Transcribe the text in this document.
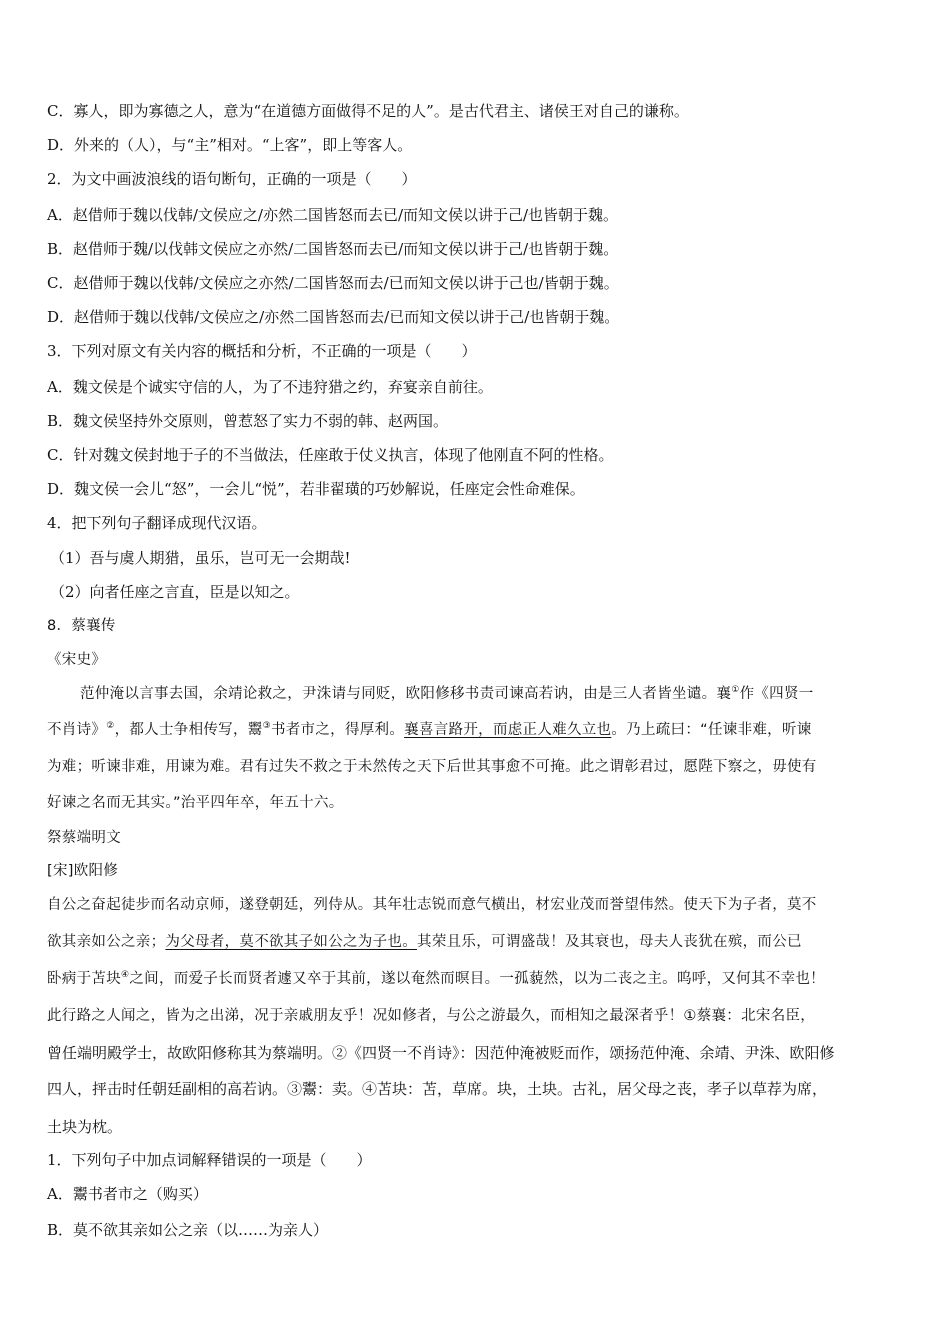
C．寡人，即为寡德之人，意为“在道德方面做得不足的人”。是古代君主、诸侯王对自己的谦称。
D．外来的（人），与“主”相对。“上客”，即上等客人。
2．为文中画波浪线的语句断句，正确的一项是（　　）
A．赵借师于魏以伐韩/文侯应之/亦然二国皆怒而去已/而知文侯以讲于己/也皆朝于魏。
B．赵借师于魏/以伐韩文侯应之亦然/二国皆怒而去已/而知文侯以讲于己/也皆朝于魏。
C．赵借师于魏以伐韩/文侯应之亦然/二国皆怒而去/已而知文侯以讲于己也/皆朝于魏。
D．赵借师于魏以伐韩/文侯应之/亦然二国皆怒而去/已而知文侯以讲于己/也皆朝于魏。
3．下列对原文有关内容的概括和分析，不正确的一项是（　　）
A．魏文侯是个诚实守信的人，为了不违狩猎之约，弃宴亲自前往。
B．魏文侯坚持外交原则，曾惹怒了实力不弱的韩、赵两国。
C．针对魏文侯封地于子的不当做法，任座敢于仗义执言，体现了他刚直不阿的性格。
D．魏文侯一会儿“怒”，一会儿“悦”，若非翟璜的巧妙解说，任座定会性命难保。
4．把下列句子翻译成现代汉语。
（1）吾与虞人期猎，虽乐，岂可无一会期哉!
（2）向者任座之言直，臣是以知之。
8．蔡襄传
《宋史》
范仲淹以言事去国，余靖论救之，尹洙请与同贬，欧阳修移书责司谏高若讷，由是三人者皆坐谴。襄①作《四贤一
不肖诗》②，都人士争相传写，鬻③书者市之，得厚利。襄喜言路开，而虑正人难久立也。乃上疏曰：“任谏非难，听谏
为难；听谏非难，用谏为难。君有过失不救之于未然传之天下后世其事愈不可掩。此之谓彰君过，愿陛下察之，毋使有
好谏之名而无其实。”治平四年卒，年五十六。
祭蔡端明文
[宋]欧阳修
自公之奋起徒步而名动京师，遂登朝廷，列侍从。其年壮志锐而意气横出，材宏业茂而誉望伟然。使天下为子者，莫不
欲其亲如公之亲；为父母者，莫不欲其子如公之为子也。其荣且乐，可谓盛哉！及其衰也，母夫人丧犹在殡，而公已
卧病于苫块④之间，而爱子长而贤者遽又卒于其前，遂以奄然而暝目。一孤藐然，以为二丧之主。呜呼，又何其不幸也！
此行路之人闻之，皆为之出涕，况于亲戚朋友乎！况如修者，与公之游最久，而相知之最深者乎！①蔡襄：北宋名臣，
曾任端明殿学士，故欧阳修称其为蔡端明。②《四贤一不肖诗》：因范仲淹被贬而作，颂扬范仲淹、余靖、尹洙、欧阳修
四人，抨击时任朝廷副相的高若讷。③鬻：卖。④苫块：苫，草席。块，土块。古礼，居父母之丧，孝子以草荐为席，
土块为枕。
1．下列句子中加点词解释错误的一项是（　　）
A．鬻书者市之（购买）
B．莫不欲其亲如公之亲（以……为亲人）
